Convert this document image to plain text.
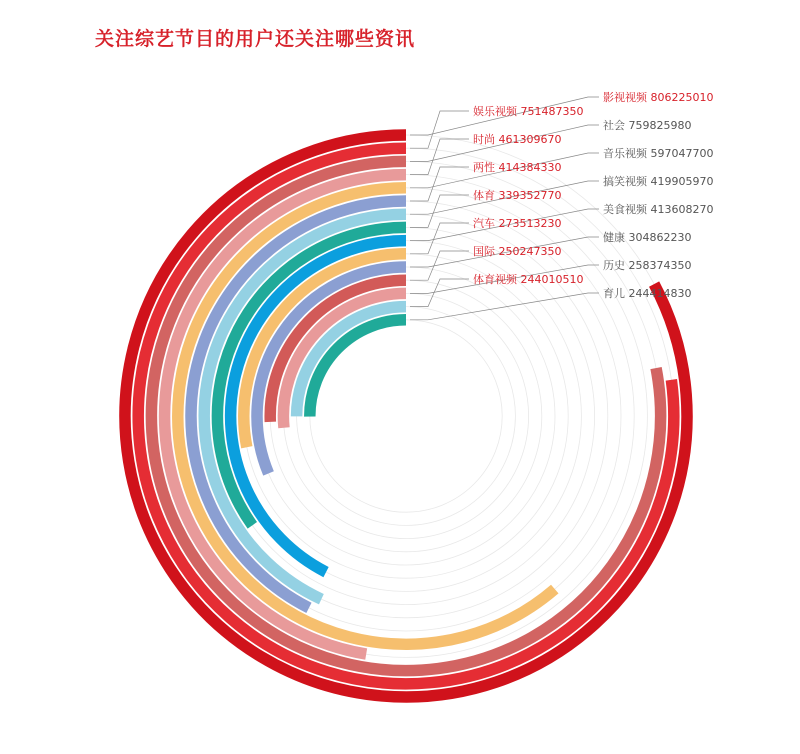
关注综艺节目的用户还关注哪些资讯
影视视频 806225010
娱乐视频 751487350
社会 759825980
时尚 461309670
音乐视频 597047700
两性 414384330
搞笑视频 419905970
体育 339352770
美食视频 413608270
汽车 273513230
健康 304862230
国际 250247350
历史 258374350
体育视频 244010510
育儿 244414830
